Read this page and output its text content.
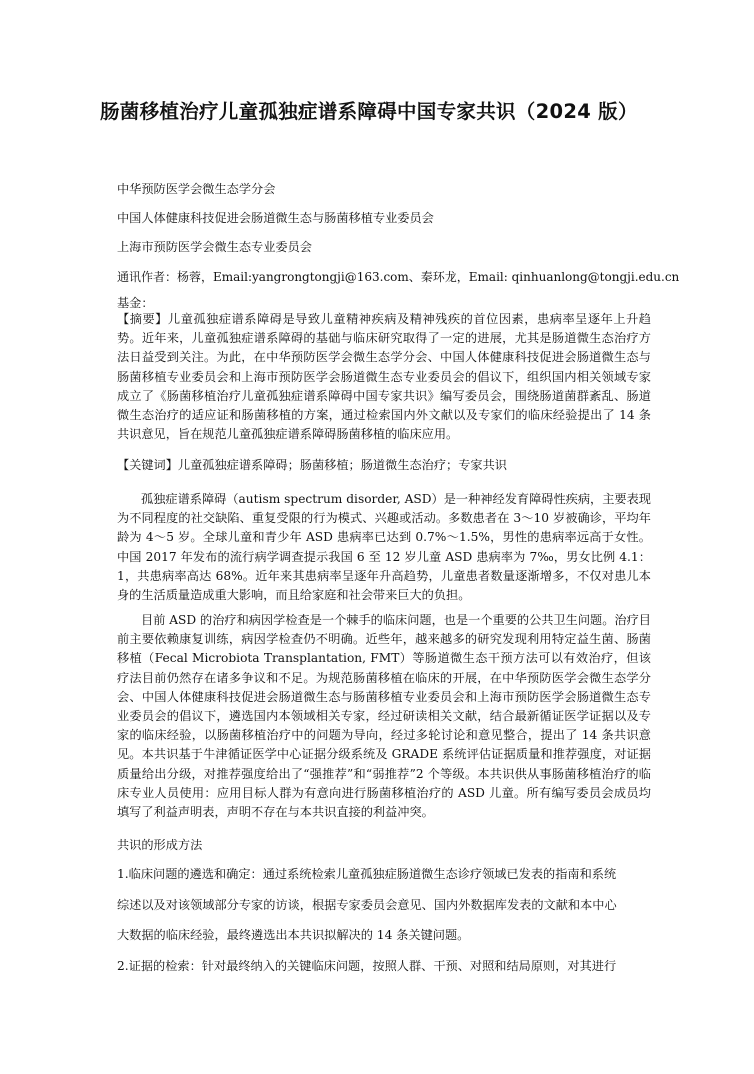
肠菌移植治疗儿童孤独症谱系障碍中国专家共识（2024 版）
中华预防医学会微生态学分会
中国人体健康科技促进会肠道微生态与肠菌移植专业委员会
上海市预防医学会微生态专业委员会
通讯作者：杨蓉，Email:yangrongtongji@163.com、秦环龙，Email: qinhuanlong@tongji.edu.cn
基金：
【摘要】儿童孤独症谱系障碍是导致儿童精神疾病及精神残疾的首位因素，患病率呈逐年上升趋势。近年来，儿童孤独症谱系障碍的基础与临床研究取得了一定的进展，尤其是肠道微生态治疗方法日益受到关注。为此，在中华预防医学会微生态学分会、中国人体健康科技促进会肠道微生态与肠菌移植专业委员会和上海市预防医学会肠道微生态专业委员会的倡议下，组织国内相关领域专家成立了《肠菌移植治疗儿童孤独症谱系障碍中国专家共识》编写委员会，围绕肠道菌群紊乱、肠道微生态治疗的适应证和肠菌移植的方案，通过检索国内外文献以及专家们的临床经验提出了 14 条共识意见，旨在规范儿童孤独症谱系障碍肠菌移植的临床应用。
【关键词】儿童孤独症谱系障碍；肠菌移植；肠道微生态治疗；专家共识
孤独症谱系障碍（autism spectrum disorder, ASD）是一种神经发育障碍性疾病，主要表现为不同程度的社交缺陷、重复受限的行为模式、兴趣或活动。多数患者在 3～10 岁被确诊，平均年龄为 4～5 岁。全球儿童和青少年 ASD 患病率已达到 0.7%～1.5%，男性的患病率远高于女性。中国 2017 年发布的流行病学调查提示我国 6 至 12 岁儿童 ASD 患病率为 7‰，男女比例 4.1：1，共患病率高达 68%。近年来其患病率呈逐年升高趋势，儿童患者数量逐渐增多，不仅对患儿本身的生活质量造成重大影响，而且给家庭和社会带来巨大的负担。
目前 ASD 的治疗和病因学检查是一个棘手的临床问题，也是一个重要的公共卫生问题。治疗目前主要依赖康复训练，病因学检查仍不明确。近些年，越来越多的研究发现利用特定益生菌、肠菌移植（Fecal Microbiota Transplantation, FMT）等肠道微生态干预方法可以有效治疗，但该疗法目前仍然存在诸多争议和不足。为规范肠菌移植在临床的开展，在中华预防医学会微生态学分会、中国人体健康科技促进会肠道微生态与肠菌移植专业委员会和上海市预防医学会肠道微生态专业委员会的倡议下，遴选国内本领域相关专家，经过研读相关文献，结合最新循证医学证据以及专家的临床经验，以肠菌移植治疗中的问题为导向，经过多轮讨论和意见整合，提出了 14 条共识意见。本共识基于牛津循证医学中心证据分级系统及 GRADE 系统评估证据质量和推荐强度，对证据质量给出分级，对推荐强度给出了“强推荐”和“弱推荐”2 个等级。本共识供从事肠菌移植治疗的临床专业人员使用：应用目标人群为有意向进行肠菌移植治疗的 ASD 儿童。所有编写委员会成员均填写了利益声明表，声明不存在与本共识直接的利益冲突。
共识的形成方法
1.临床问题的遴选和确定：通过系统检索儿童孤独症肠道微生态诊疗领域已发表的指南和系统
综述以及对该领域部分专家的访谈，根据专家委员会意见、国内外数据库发表的文献和本中心
大数据的临床经验，最终遴选出本共识拟解决的 14 条关键问题。
2.证据的检索：针对最终纳入的关键临床问题，按照人群、干预、对照和结局原则，对其进行
